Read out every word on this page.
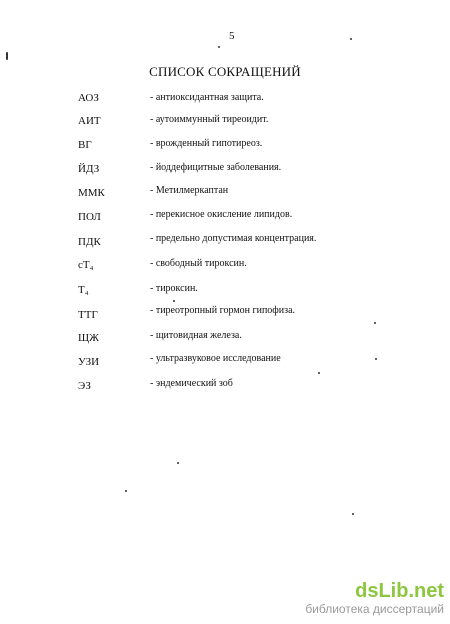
5
СПИСОК СОКРАЩЕНИЙ
АОЗ	- антиоксидантная защита.
АИТ	- аутоиммунный тиреоидит.
ВГ	- врожденный гипотиреоз.
ЙДЗ	- йоддефицитные заболевания.
ММК	- Метилмеркаптан
ПОЛ	- перекисное окисление липидов.
ПДК	- предельно допустимая концентрация.
сТ₄	- свободный тироксин.
Т₄	- тироксин.
ТТГ	- тиреотропный гормон гипофиза.
ЩЖ	- щитовидная железа.
УЗИ	- ультразвуковое исследование
ЭЗ	- эндемический зоб
dsLib.net
библиотека диссертаций
